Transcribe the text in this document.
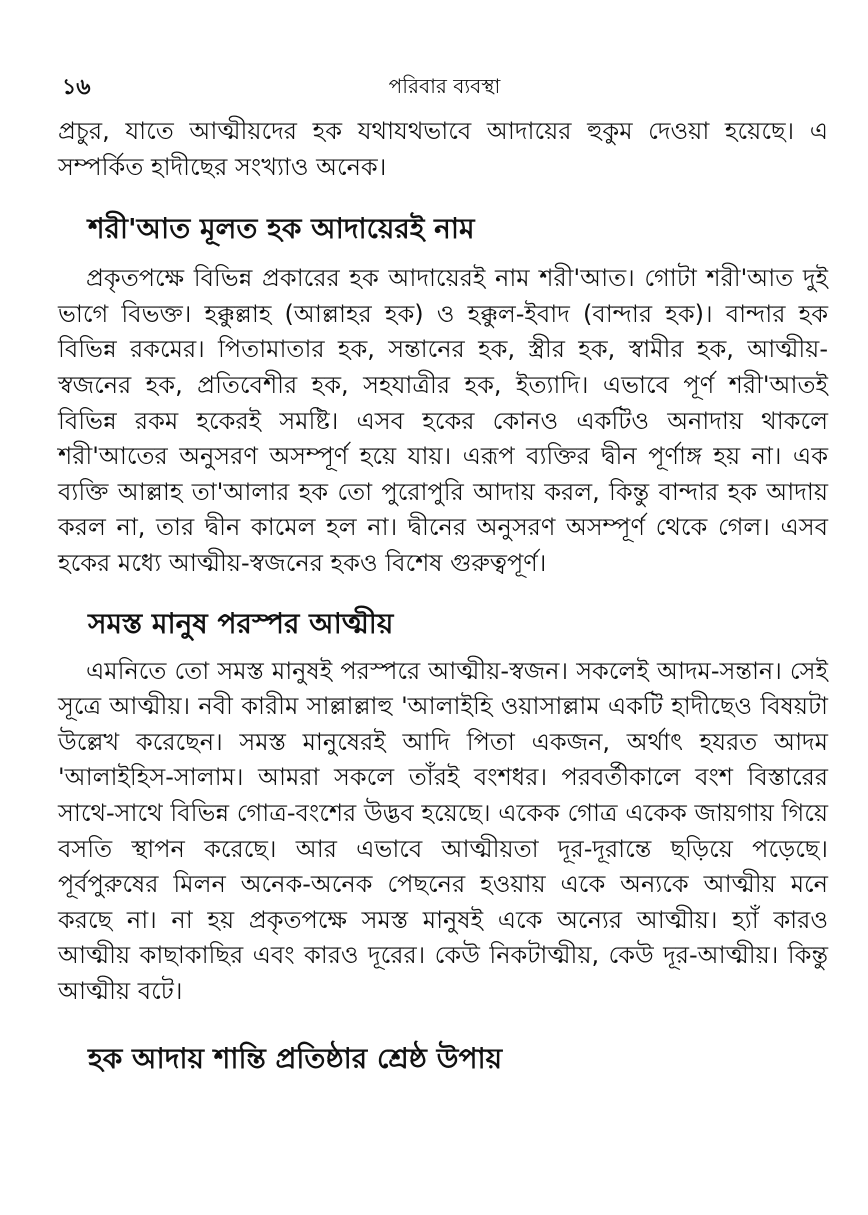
১৬	পরিবার ব্যবস্থা

প্রচুর, যাতে আত্মীয়দের হক যথাযথভাবে আদায়ের হুকুম দেওয়া হয়েছে। এ সম্পর্কিত হাদীছের সংখ্যাও অনেক।

শরী'আত মূলত হক আদায়েরই নাম

প্রকৃতপক্ষে বিভিন্ন প্রকারের হক আদায়েরই নাম শরী'আত। গোটা শরী'আত দুই ভাগে বিভক্ত। হক্কুল্লাহ (আল্লাহর হক) ও হক্কুল-ইবাদ (বান্দার হক)। বান্দার হক বিভিন্ন রকমের। পিতামাতার হক, সন্তানের হক, স্ত্রীর হক, স্বামীর হক, আত্মীয়-স্বজনের হক, প্রতিবেশীর হক, সহযাত্রীর হক, ইত্যাদি। এভাবে পূর্ণ শরী'আতই বিভিন্ন রকম হকেরই সমষ্টি। এসব হকের কোনও একটিও অনাদায় থাকলে শরী'আতের অনুসরণ অসম্পূর্ণ হয়ে যায়। এরূপ ব্যক্তির দ্বীন পূর্ণাঙ্গ হয় না। এক ব্যক্তি আল্লাহ তা'আলার হক তো পুরোপুরি আদায় করল, কিন্তু বান্দার হক আদায় করল না, তার দ্বীন কামেল হল না। দ্বীনের অনুসরণ অসম্পূর্ণ থেকে গেল। এসব হকের মধ্যে আত্মীয়-স্বজনের হকও বিশেষ গুরুত্বপূর্ণ।

সমস্ত মানুষ পরস্পর আত্মীয়

এমনিতে তো সমস্ত মানুষই পরস্পরে আত্মীয়-স্বজন। সকলেই আদম-সন্তান। সেই সূত্রে আত্মীয়। নবী কারীম সাল্লাল্লাহু 'আলাইহি ওয়াসাল্লাম একটি হাদীছেও বিষয়টা উল্লেখ করেছেন। সমস্ত মানুষেরই আদি পিতা একজন, অর্থাৎ হযরত আদম 'আলাইহিস-সালাম। আমরা সকলে তাঁরই বংশধর। পরবর্তীকালে বংশ বিস্তারের সাথে-সাথে বিভিন্ন গোত্র-বংশের উদ্ভব হয়েছে। একেক গোত্র একেক জায়গায় গিয়ে বসতি স্থাপন করেছে। আর এভাবে আত্মীয়তা দূর-দূরান্তে ছড়িয়ে পড়েছে। পূর্বপুরুষের মিলন অনেক-অনেক পেছনের হওয়ায় একে অন্যকে আত্মীয় মনে করছে না। না হয় প্রকৃতপক্ষে সমস্ত মানুষই একে অন্যের আত্মীয়। হ্যাঁ কারও আত্মীয় কাছাকাছির এবং কারও দূরের। কেউ নিকটাত্মীয়, কেউ দূর-আত্মীয়। কিন্তু আত্মীয় বটে।

হক আদায় শান্তি প্রতিষ্ঠার শ্রেষ্ঠ উপায়
